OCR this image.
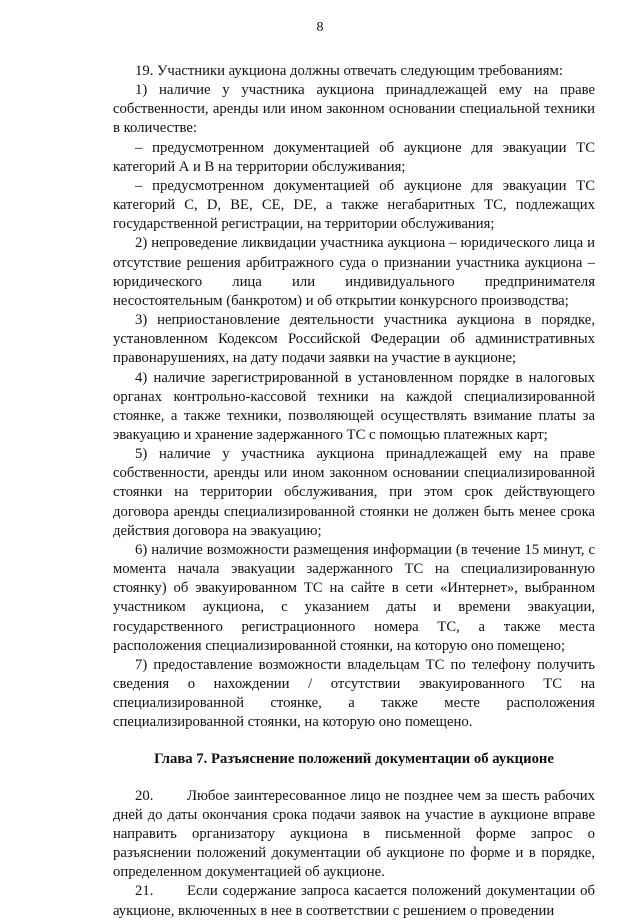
8

19. Участники аукциона должны отвечать следующим требованиям:

1) наличие у участника аукциона принадлежащей ему на праве собственности, аренды или ином законном основании специальной техники в количестве:

– предусмотренном документацией об аукционе для эвакуации ТС категорий А и В на территории обслуживания;

– предусмотренном документацией об аукционе для эвакуации ТС категорий С, D, ВЕ, СЕ, DE, а также негабаритных ТС, подлежащих государственной регистрации, на территории обслуживания;

2) непроведение ликвидации участника аукциона – юридического лица и отсутствие решения арбитражного суда о признании участника аукциона – юридического лица или индивидуального предпринимателя несостоятельным (банкротом) и об открытии конкурсного производства;

3) неприостановление деятельности участника аукциона в порядке, установленном Кодексом Российской Федерации об административных правонарушениях, на дату подачи заявки на участие в аукционе;

4) наличие зарегистрированной в установленном порядке в налоговых органах контрольно-кассовой техники на каждой специализированной стоянке, а также техники, позволяющей осуществлять взимание платы за эвакуацию и хранение задержанного ТС с помощью платежных карт;

5) наличие у участника аукциона принадлежащей ему на праве собственности, аренды или ином законном основании специализированной стоянки на территории обслуживания, при этом срок действующего договора аренды специализированной стоянки не должен быть менее срока действия договора на эвакуацию;

6) наличие возможности размещения информации (в течение 15 минут, с момента начала эвакуации задержанного ТС на специализированную стоянку) об эвакуированном ТС на сайте в сети «Интернет», выбранном участником аукциона, с указанием даты и времени эвакуации, государственного регистрационного номера ТС, а также места расположения специализированной стоянки, на которую оно помещено;

7) предоставление возможности владельцам ТС по телефону получить сведения о нахождении / отсутствии эвакуированного ТС на специализированной стоянке, а также месте расположения специализированной стоянки, на которую оно помещено.

Глава 7. Разъяснение положений документации об аукционе

20. Любое заинтересованное лицо не позднее чем за шесть рабочих дней до даты окончания срока подачи заявок на участие в аукционе вправе направить организатору аукциона в письменной форме запрос о разъяснении положений документации об аукционе по форме и в порядке, определенном документацией об аукционе.

21. Если содержание запроса касается положений документации об аукционе, включенных в нее в соответствии с решением о проведении
